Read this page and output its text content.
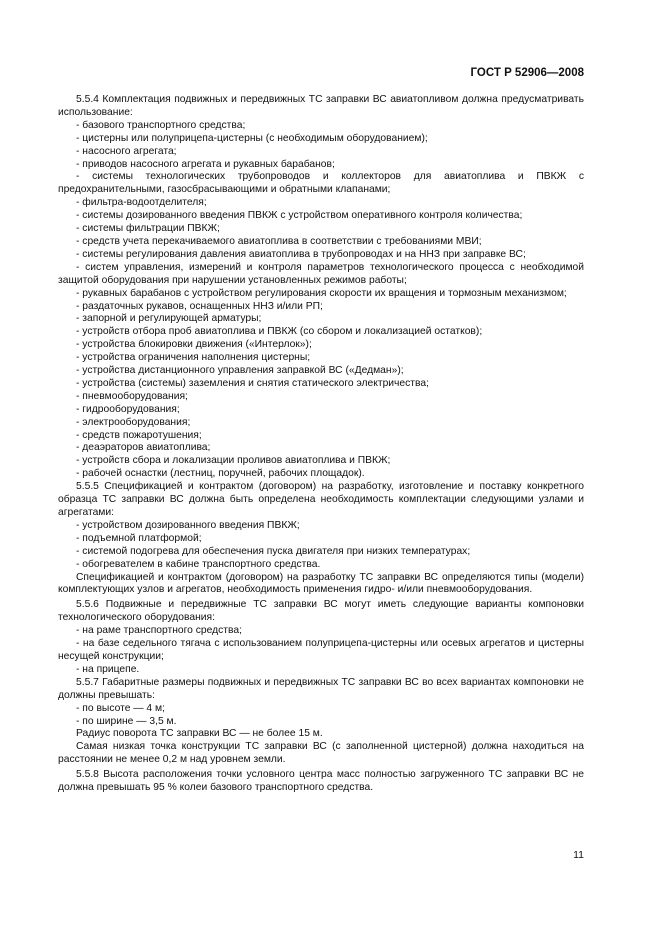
ГОСТ Р 52906—2008

5.5.4 Комплектация подвижных и передвижных ТС заправки ВС авиатопливом должна предусматривать использование:

- базового транспортного средства;

- цистерны или полуприцепа-цистерны (с необходимым оборудованием);

- насосного агрегата;

- приводов насосного агрегата и рукавных барабанов;

- системы технологических трубопроводов и коллекторов для авиатоплива и ПВКЖ с предохранительными, газосбрасывающими и обратными клапанами;

- фильтра-водоотделителя;

- системы дозированного введения ПВКЖ с устройством оперативного контроля количества;

- системы фильтрации ПВКЖ;

- средств учета перекачиваемого авиатоплива в соответствии с требованиями МВИ;

- системы регулирования давления авиатоплива в трубопроводах и на ННЗ при заправке ВС;

- систем управления, измерений и контроля параметров технологического процесса с необходимой защитой оборудования при нарушении установленных режимов работы;

- рукавных барабанов с устройством регулирования скорости их вращения и тормозным механизмом;

- раздаточных рукавов, оснащенных ННЗ и/или РП;

- запорной и регулирующей арматуры;

- устройств отбора проб авиатоплива и ПВКЖ (со сбором и локализацией остатков);

- устройства блокировки движения («Интерлок»);

- устройства ограничения наполнения цистерны;

- устройства дистанционного управления заправкой ВС («Дедман»);

- устройства (системы) заземления и снятия статического электричества;

- пневмооборудования;

- гидрооборудования;

- электрооборудования;

- средств пожаротушения;

- деаэраторов авиатоплива;

- устройств сбора и локализации проливов авиатоплива и ПВКЖ;

- рабочей оснастки (лестниц, поручней, рабочих площадок).

5.5.5 Спецификацией и контрактом (договором) на разработку, изготовление и поставку конкретного образца ТС заправки ВС должна быть определена необходимость комплектации следующими узлами и агрегатами:

- устройством дозированного введения ПВКЖ;

- подъемной платформой;

- системой подогрева для обеспечения пуска двигателя при низких температурах;

- обогревателем в кабине транспортного средства.

Спецификацией и контрактом (договором) на разработку ТС заправки ВС определяются типы (модели) комплектующих узлов и агрегатов, необходимость применения гидро- и/или пневмооборудования.

5.5.6 Подвижные и передвижные ТС заправки ВС могут иметь следующие варианты компоновки технологического оборудования:

- на раме транспортного средства;

- на базе седельного тягача с использованием полуприцепа-цистерны или осевых агрегатов и цистерны несущей конструкции;

- на прицепе.

5.5.7 Габаритные размеры подвижных и передвижных ТС заправки ВС во всех вариантах компоновки не должны превышать:

- по высоте — 4 м;

- по ширине — 3,5 м.

Радиус поворота ТС заправки ВС — не более 15 м.

Самая низкая точка конструкции ТС заправки ВС (с заполненной цистерной) должна находиться на расстоянии не менее 0,2 м над уровнем земли.

5.5.8 Высота расположения точки условного центра масс полностью загруженного ТС заправки ВС не должна превышать 95 % колеи базового транспортного средства.

11
